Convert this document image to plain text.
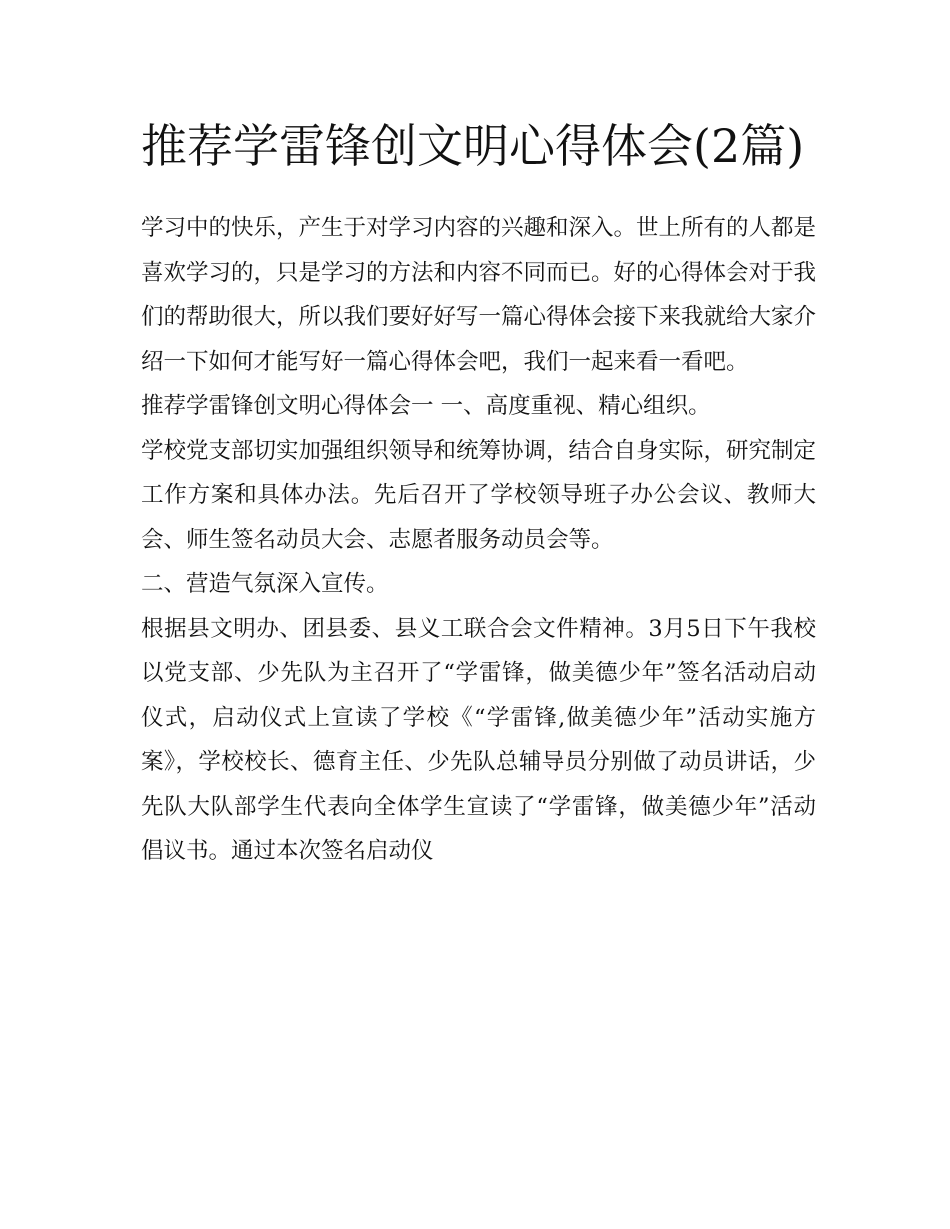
推荐学雷锋创文明心得体会(2篇)

学习中的快乐，产生于对学习内容的兴趣和深入。世上所有的人都是喜欢学习的，只是学习的方法和内容不同而已。好的心得体会对于我们的帮助很大，所以我们要好好写一篇心得体会接下来我就给大家介绍一下如何才能写好一篇心得体会吧，我们一起来看一看吧。

推荐学雷锋创文明心得体会一 一、高度重视、精心组织。

学校党支部切实加强组织领导和统筹协调，结合自身实际，研究制定工作方案和具体办法。先后召开了学校领导班子办公会议、教师大会、师生签名动员大会、志愿者服务动员会等。

二、营造气氛深入宣传。

根据县文明办、团县委、县义工联合会文件精神。3月5日下午我校以党支部、少先队为主召开了“学雷锋，做美德少年”签名活动启动仪式，启动仪式上宣读了学校《“学雷锋,做美德少年”活动实施方案》，学校校长、德育主任、少先队总辅导员分别做了动员讲话，少先队大队部学生代表向全体学生宣读了“学雷锋，做美德少年”活动倡议书。通过本次签名启动仪
